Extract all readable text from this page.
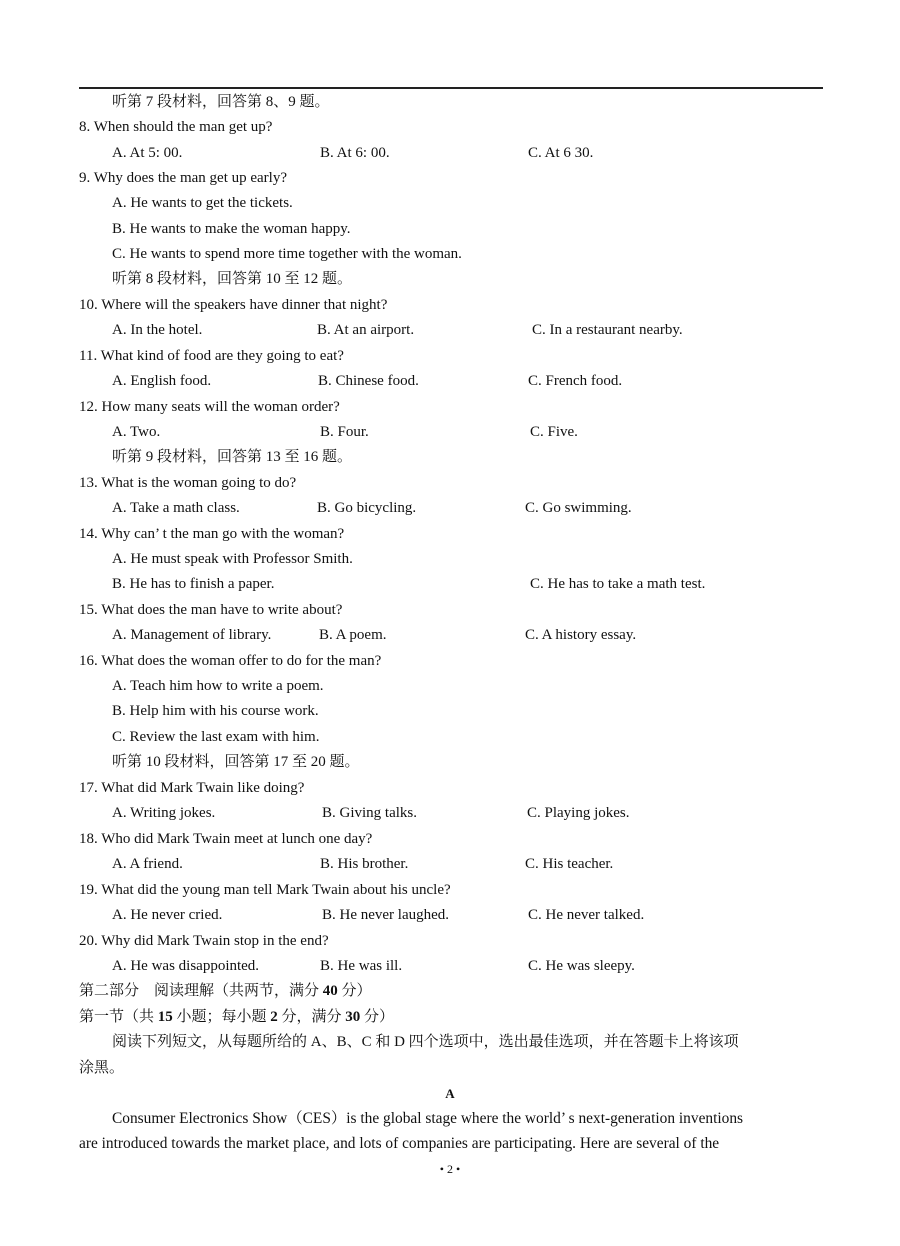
听第 7 段材料，回答第 8、9 题。
8. When should the man get up?
A. At 5: 00.	B. At 6: 00.	C. At 6 30.
9. Why does the man get up early?
A. He wants to get the tickets.
B. He wants to make the woman happy.
C. He wants to spend more time together with the woman.
听第 8 段材料，回答第 10 至 12 题。
10. Where will the speakers have dinner that night?
A. In the hotel.	B. At an airport.	C. In a restaurant nearby.
11. What kind of food are they going to eat?
A. English food.	B. Chinese food.	C. French food.
12. How many seats will the woman order?
A. Two.	B. Four.	C. Five.
听第 9 段材料，回答第 13 至 16 题。
13. What is the woman going to do?
A. Take a math class.	B. Go bicycling.	C. Go swimming.
14. Why can’ t the man go with the woman?
A. He must speak with Professor Smith.
B. He has to finish a paper.	C. He has to take a math test.
15. What does the man have to write about?
A. Management of library.	B. A poem.	C. A history essay.
16. What does the woman offer to do for the man?
A. Teach him how to write a poem.
B. Help him with his course work.
C. Review the last exam with him.
听第 10 段材料，回答第 17 至 20 题。
17. What did Mark Twain like doing?
A. Writing jokes.	B. Giving talks.	C. Playing jokes.
18. Who did Mark Twain meet at lunch one day?
A. A friend.	B. His brother.	C. His teacher.
19. What did the young man tell Mark Twain about his uncle?
A. He never cried.	B. He never laughed.	C. He never talked.
20. Why did Mark Twain stop in the end?
A. He was disappointed.	B. He was ill.	C. He was sleepy.
第二部分　阅读理解（共两节，满分 40 分）
第一节（共 15 小题；每小题 2 分，满分 30 分）
阅读下列短文，从每题所给的 A、B、C 和 D 四个选项中，选出最佳选项，并在答题卡上将该项
涂黑。
A
Consumer Electronics Show（CES）is the global stage where the world’ s next-generation inventions
are introduced towards the market place, and lots of companies are participating. Here are several of the
• 2 •
